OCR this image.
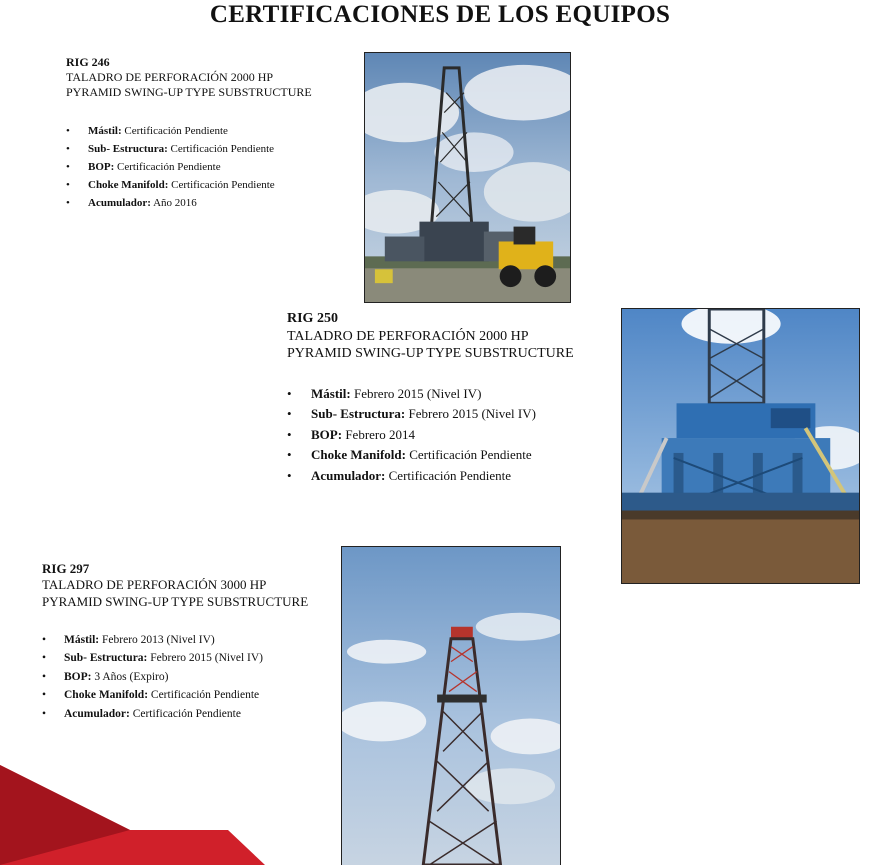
CERTIFICACIONES DE LOS EQUIPOS
RIG 246
TALADRO DE PERFORACIÓN 2000 HP
PYRAMID SWING-UP TYPE SUBSTRUCTURE
• Mástil: Certificación Pendiente
• Sub- Estructura: Certificación Pendiente
• BOP: Certificación Pendiente
• Choke Manifold: Certificación Pendiente
• Acumulador: Año 2016
RIG 250
TALADRO DE PERFORACIÓN 2000 HP
PYRAMID SWING-UP TYPE SUBSTRUCTURE
• Mástil: Febrero 2015 (Nivel IV)
• Sub- Estructura: Febrero 2015 (Nivel IV)
• BOP: Febrero 2014
• Choke Manifold: Certificación Pendiente
• Acumulador: Certificación Pendiente
RIG 297
TALADRO DE PERFORACIÓN 3000 HP
PYRAMID SWING-UP TYPE SUBSTRUCTURE
• Mástil: Febrero 2013 (Nivel IV)
• Sub- Estructura: Febrero 2015 (Nivel IV)
• BOP: 3 Años (Expiro)
• Choke Manifold: Certificación Pendiente
• Acumulador: Certificación Pendiente
